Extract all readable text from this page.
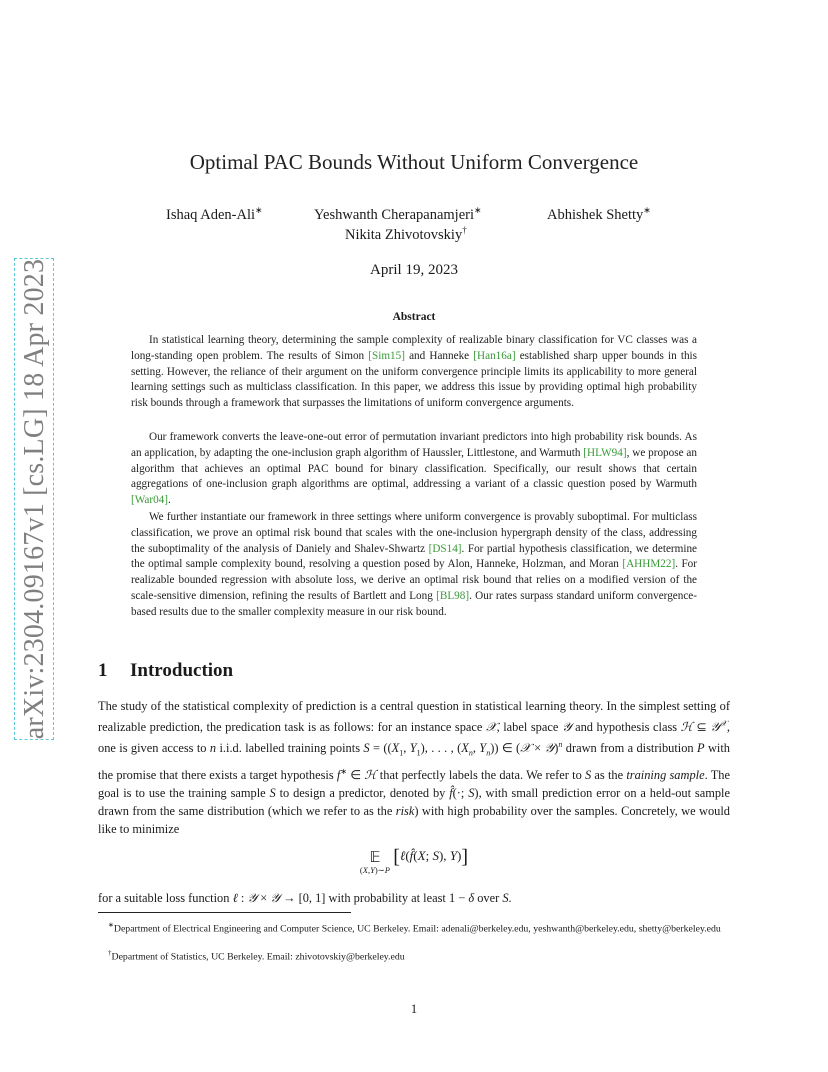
arXiv:2304.09167v1 [cs.LG] 18 Apr 2023
Optimal PAC Bounds Without Uniform Convergence
Ishaq Aden-Ali∗	Yeshwanth Cherapanamjeri∗	Abhishek Shetty∗
Nikita Zhivotovskiy†
April 19, 2023
Abstract
In statistical learning theory, determining the sample complexity of realizable binary classification for VC classes was a long-standing open problem. The results of Simon [Sim15] and Hanneke [Han16a] established sharp upper bounds in this setting. However, the reliance of their argument on the uniform convergence principle limits its applicability to more general learning settings such as multiclass classification. In this paper, we address this issue by providing optimal high probability risk bounds through a framework that surpasses the limitations of uniform convergence arguments.
Our framework converts the leave-one-out error of permutation invariant predictors into high probability risk bounds. As an application, by adapting the one-inclusion graph algorithm of Haussler, Littlestone, and Warmuth [HLW94], we propose an algorithm that achieves an optimal PAC bound for binary classification. Specifically, our result shows that certain aggregations of one-inclusion graph algorithms are optimal, addressing a variant of a classic question posed by Warmuth [War04].
We further instantiate our framework in three settings where uniform convergence is provably suboptimal. For multiclass classification, we prove an optimal risk bound that scales with the one-inclusion hypergraph density of the class, addressing the suboptimality of the analysis of Daniely and Shalev-Shwartz [DS14]. For partial hypothesis classification, we determine the optimal sample complexity bound, resolving a question posed by Alon, Hanneke, Holzman, and Moran [AHHM22]. For realizable bounded regression with absolute loss, we derive an optimal risk bound that relies on a modified version of the scale-sensitive dimension, refining the results of Bartlett and Long [BL98]. Our rates surpass standard uniform convergence-based results due to the smaller complexity measure in our risk bound.
1 Introduction
The study of the statistical complexity of prediction is a central question in statistical learning theory. In the simplest setting of realizable prediction, the predication task is as follows: for an instance space 𝒳, label space 𝒴 and hypothesis class ℋ ⊆ 𝒴$^𝒳$, one is given access to n i.i.d. labelled training points $S = ((X_1$, $Y_1$), . . . , ($X_n$, $Y_n$)) ∈ (𝒳 × 𝒴)$^n$ drawn from a distribution P with the promise that there exists a target hypothesis f∗ ∈ ℋ that perfectly labels the data. We refer to S as the training sample. The goal is to use the training sample S to design a predictor, denoted by f̂(·; S), with small prediction error on a held-out sample drawn from the same distribution (which we refer to as the risk) with high probability over the samples. Concretely, we would like to minimize
𝔼
(X,Y)∼P
[ℓ(f̂(X; S), Y)]
for a suitable loss function ℓ : 𝒴 × 𝒴 → [0, 1] with probability at least 1 − δ over S.
∗Department of Electrical Engineering and Computer Science, UC Berkeley. Email: adenali@berkeley.edu, yeshwanth@berkeley.edu, shetty@berkeley.edu
†Department of Statistics, UC Berkeley. Email: zhivotovskiy@berkeley.edu
1
